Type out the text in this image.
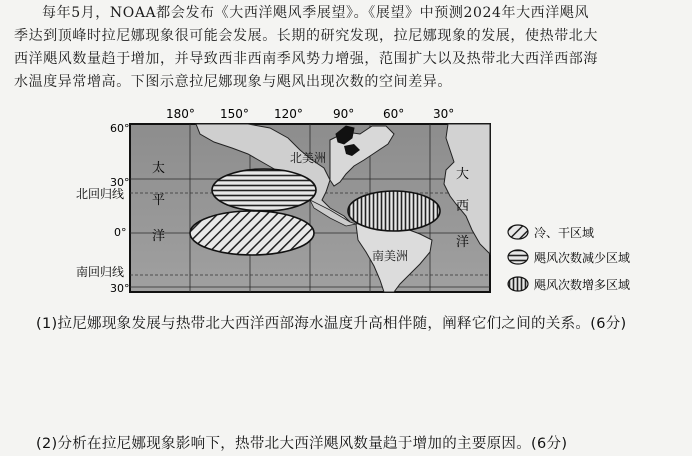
每年5月，NOAA都会发布《大西洋飓风季展望》。《展望》中预测2024年大西洋飓风
季达到顶峰时拉尼娜现象很可能会发展。长期的研究发现，拉尼娜现象的发展，使热带北大
西洋飓风数量趋于增加，并导致西非西南季风势力增强，范围扩大以及热带北大西洋西部海
水温度异常增高。下图示意拉尼娜现象与飓风出现次数的空间差异。
180° 150° 120°	90° 60° 30°
60°
30°
0°
30°
北回归线
南回归线
北美洲
南美洲
太
平
洋
大
西
洋
冷、干区域
飓风次数减少区域
飓风次数增多区域
(1)拉尼娜现象发展与热带北大西洋西部海水温度升高相伴随，阐释它们之间的关系。(6分)
(2)分析在拉尼娜现象影响下，热带北大西洋飓风数量趋于增加的主要原因。(6分)
